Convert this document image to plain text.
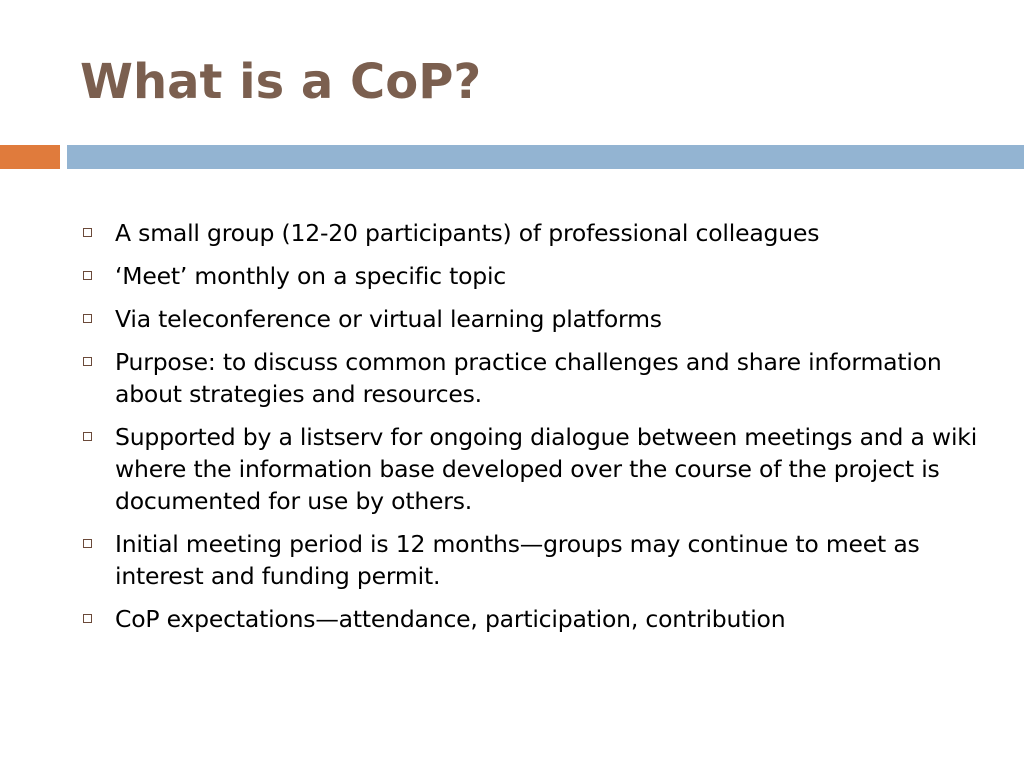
What is a CoP?
A small group (12-20 participants) of professional colleagues
‘Meet’ monthly on a specific topic
Via teleconference or virtual learning platforms
Purpose: to discuss common practice challenges and share information about strategies and resources.
Supported by a listserv for ongoing dialogue between meetings and a wiki where the information base developed over the course of the project is documented for use by others.
Initial meeting period is 12 months—groups may continue to meet as interest and funding permit.
CoP expectations—attendance, participation, contribution
